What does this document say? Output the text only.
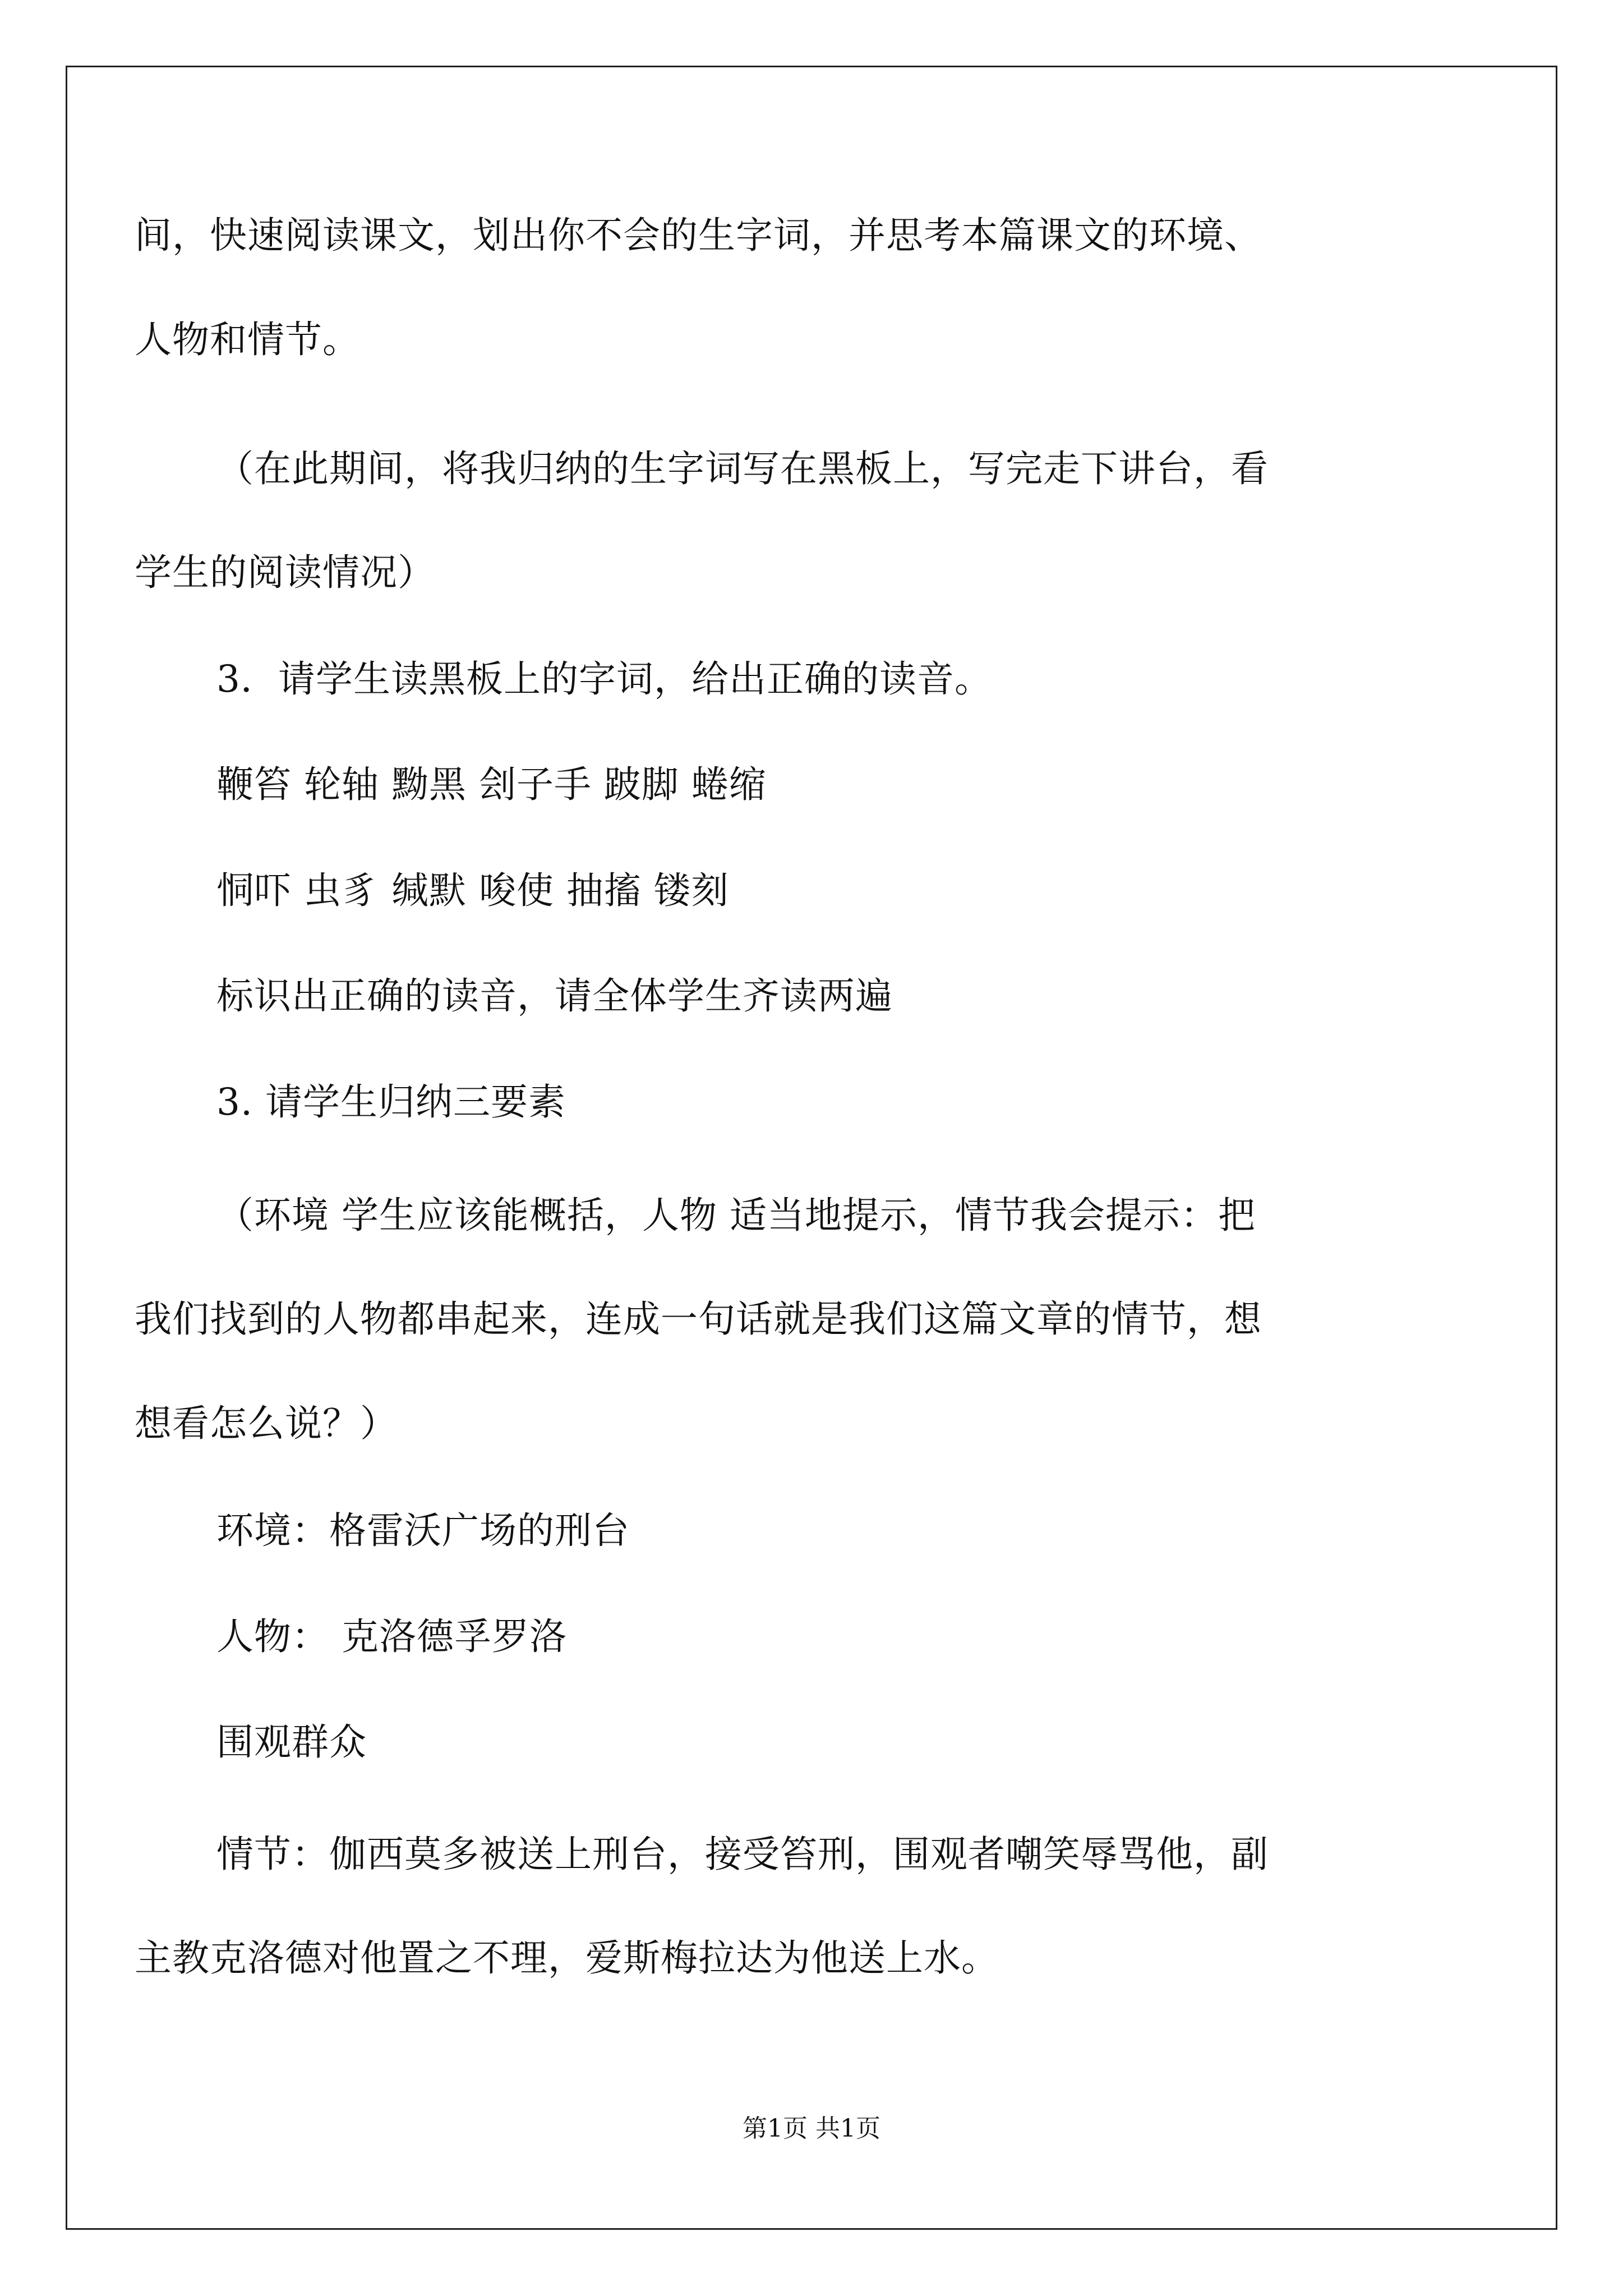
间，快速阅读课文，划出你不会的生字词，并思考本篇课文的环境、
人物和情节。
（在此期间，将我归纳的生字词写在黑板上，写完走下讲台，看
学生的阅读情况）
3．请学生读黑板上的字词，给出正确的读音。
鞭笞 轮轴 黝黑 刽子手 跛脚 蜷缩
恫吓 虫豸 缄默 唆使 抽搐 镂刻
标识出正确的读音，请全体学生齐读两遍
3. 请学生归纳三要素
（环境 学生应该能概括，人物 适当地提示，情节我会提示：把
我们找到的人物都串起来，连成一句话就是我们这篇文章的情节，想
想看怎么说？）
环境：格雷沃广场的刑台
人物： 克洛德孚罗洛
围观群众
情节：伽西莫多被送上刑台，接受笞刑，围观者嘲笑辱骂他，副
主教克洛德对他置之不理，爱斯梅拉达为他送上水。
第1页 共1页
